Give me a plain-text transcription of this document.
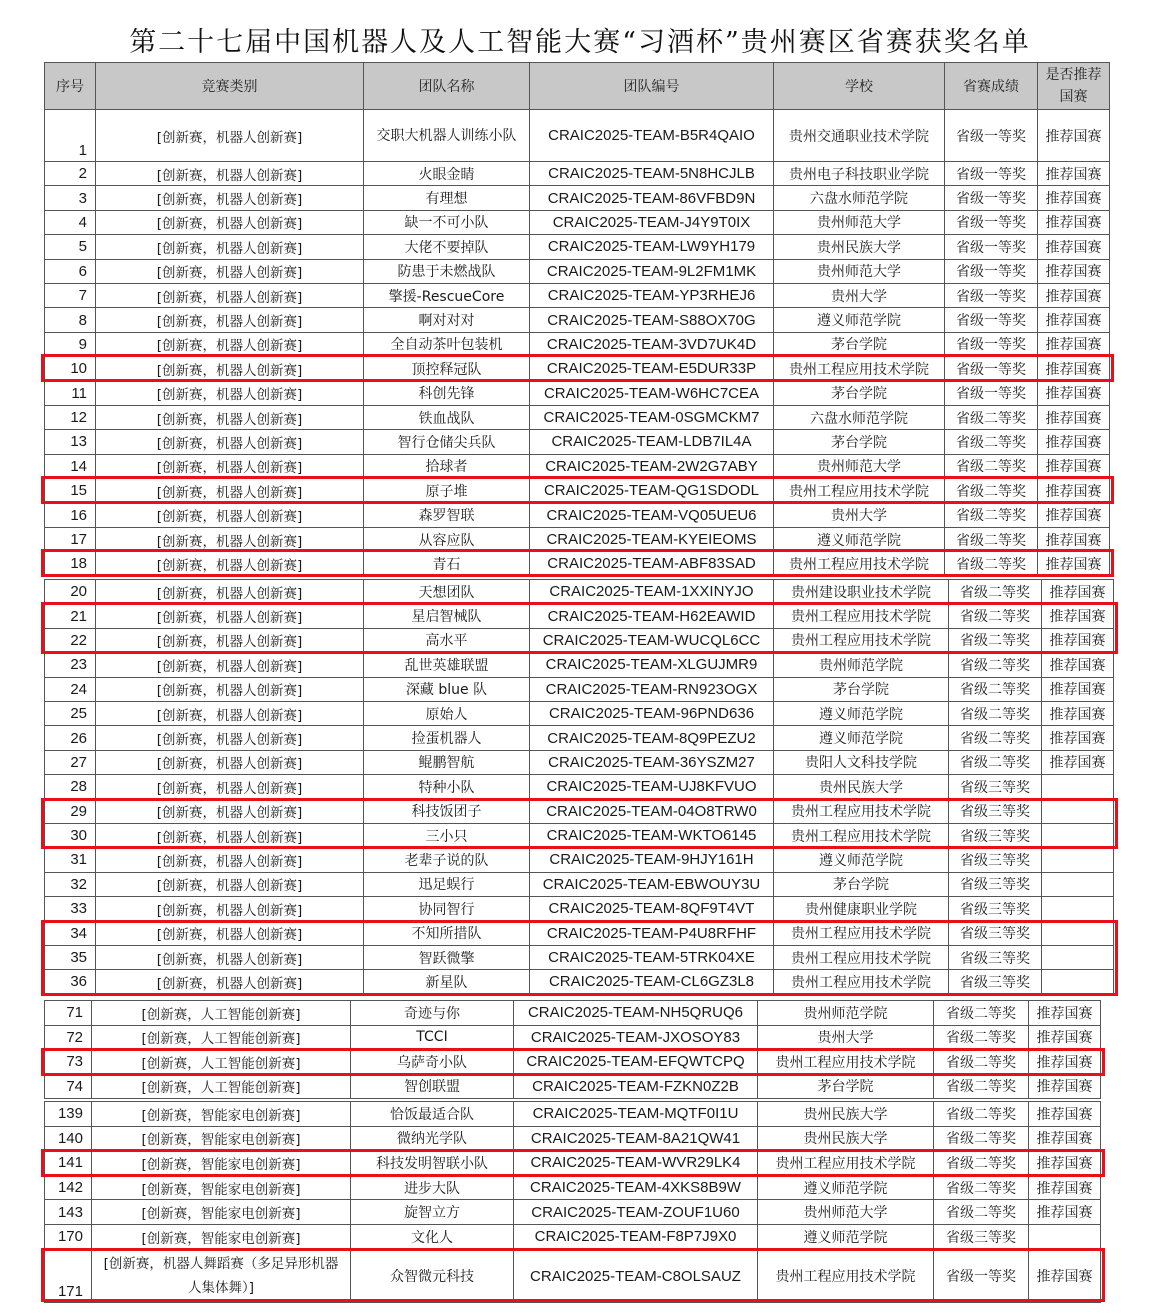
第二十七届中国机器人及人工智能大赛“习酒杯”贵州赛区省赛获奖名单
序号	竞赛类别	团队名称	团队编号	学校	省赛成绩	是否推荐国赛
1	[创新赛，机器人创新赛]	交职大机器人训练小队	CRAIC2025-TEAM-B5R4QAIO	贵州交通职业技术学院	省级一等奖	推荐国赛
2	[创新赛，机器人创新赛]	火眼金睛	CRAIC2025-TEAM-5N8HCJLB	贵州电子科技职业学院	省级一等奖	推荐国赛
3	[创新赛，机器人创新赛]	有理想	CRAIC2025-TEAM-86VFBD9N	六盘水师范学院	省级一等奖	推荐国赛
4	[创新赛，机器人创新赛]	缺一不可小队	CRAIC2025-TEAM-J4Y9T0IX	贵州师范大学	省级一等奖	推荐国赛
5	[创新赛，机器人创新赛]	大佬不要掉队	CRAIC2025-TEAM-LW9YH179	贵州民族大学	省级一等奖	推荐国赛
6	[创新赛，机器人创新赛]	防患于未燃战队	CRAIC2025-TEAM-9L2FM1MK	贵州师范大学	省级一等奖	推荐国赛
7	[创新赛，机器人创新赛]	擎援-RescueCore	CRAIC2025-TEAM-YP3RHEJ6	贵州大学	省级一等奖	推荐国赛
8	[创新赛，机器人创新赛]	啊对对对	CRAIC2025-TEAM-S88OX70G	遵义师范学院	省级一等奖	推荐国赛
9	[创新赛，机器人创新赛]	全自动茶叶包装机	CRAIC2025-TEAM-3VD7UK4D	茅台学院	省级一等奖	推荐国赛
10	[创新赛，机器人创新赛]	顶控释冠队	CRAIC2025-TEAM-E5DUR33P	贵州工程应用技术学院	省级一等奖	推荐国赛
11	[创新赛，机器人创新赛]	科创先锋	CRAIC2025-TEAM-W6HC7CEA	茅台学院	省级一等奖	推荐国赛
12	[创新赛，机器人创新赛]	铁血战队	CRAIC2025-TEAM-0SGMCKM7	六盘水师范学院	省级二等奖	推荐国赛
13	[创新赛，机器人创新赛]	智行仓储尖兵队	CRAIC2025-TEAM-LDB7IL4A	茅台学院	省级二等奖	推荐国赛
14	[创新赛，机器人创新赛]	拾球者	CRAIC2025-TEAM-2W2G7ABY	贵州师范大学	省级二等奖	推荐国赛
15	[创新赛，机器人创新赛]	原子堆	CRAIC2025-TEAM-QG1SDODL	贵州工程应用技术学院	省级二等奖	推荐国赛
16	[创新赛，机器人创新赛]	森罗智联	CRAIC2025-TEAM-VQ05UEU6	贵州大学	省级二等奖	推荐国赛
17	[创新赛，机器人创新赛]	从容应队	CRAIC2025-TEAM-KYEIEOMS	遵义师范学院	省级二等奖	推荐国赛
18	[创新赛，机器人创新赛]	青石	CRAIC2025-TEAM-ABF83SAD	贵州工程应用技术学院	省级二等奖	推荐国赛
20	[创新赛，机器人创新赛]	天想团队	CRAIC2025-TEAM-1XXINYJO	贵州建设职业技术学院	省级二等奖	推荐国赛
21	[创新赛，机器人创新赛]	星启智械队	CRAIC2025-TEAM-H62EAWID	贵州工程应用技术学院	省级二等奖	推荐国赛
22	[创新赛，机器人创新赛]	高水平	CRAIC2025-TEAM-WUCQL6CC	贵州工程应用技术学院	省级二等奖	推荐国赛
23	[创新赛，机器人创新赛]	乱世英雄联盟	CRAIC2025-TEAM-XLGUJMR9	贵州师范学院	省级二等奖	推荐国赛
24	[创新赛，机器人创新赛]	深藏 blue 队	CRAIC2025-TEAM-RN923OGX	茅台学院	省级二等奖	推荐国赛
25	[创新赛，机器人创新赛]	原始人	CRAIC2025-TEAM-96PND636	遵义师范学院	省级二等奖	推荐国赛
26	[创新赛，机器人创新赛]	捡蛋机器人	CRAIC2025-TEAM-8Q9PEZU2	遵义师范学院	省级二等奖	推荐国赛
27	[创新赛，机器人创新赛]	鲲鹏智航	CRAIC2025-TEAM-36YSZM27	贵阳人文科技学院	省级二等奖	推荐国赛
28	[创新赛，机器人创新赛]	特种小队	CRAIC2025-TEAM-UJ8KFVUO	贵州民族大学	省级三等奖	
29	[创新赛，机器人创新赛]	科技饭团子	CRAIC2025-TEAM-04O8TRW0	贵州工程应用技术学院	省级三等奖	
30	[创新赛，机器人创新赛]	三小只	CRAIC2025-TEAM-WKTO6145	贵州工程应用技术学院	省级三等奖	
31	[创新赛，机器人创新赛]	老辈子说的队	CRAIC2025-TEAM-9HJY161H	遵义师范学院	省级三等奖	
32	[创新赛，机器人创新赛]	迅足蜈行	CRAIC2025-TEAM-EBWOUY3U	茅台学院	省级三等奖	
33	[创新赛，机器人创新赛]	协同智行	CRAIC2025-TEAM-8QF9T4VT	贵州健康职业学院	省级三等奖	
34	[创新赛，机器人创新赛]	不知所措队	CRAIC2025-TEAM-P4U8RFHF	贵州工程应用技术学院	省级三等奖	
35	[创新赛，机器人创新赛]	智跃微擎	CRAIC2025-TEAM-5TRK04XE	贵州工程应用技术学院	省级三等奖	
36	[创新赛，机器人创新赛]	新星队	CRAIC2025-TEAM-CL6GZ3L8	贵州工程应用技术学院	省级三等奖	
71	[创新赛，人工智能创新赛]	奇迹与你	CRAIC2025-TEAM-NH5QRUQ6	贵州师范学院	省级二等奖	推荐国赛
72	[创新赛，人工智能创新赛]	TCCI	CRAIC2025-TEAM-JXOSOY83	贵州大学	省级二等奖	推荐国赛
73	[创新赛，人工智能创新赛]	乌萨奇小队	CRAIC2025-TEAM-EFQWTCPQ	贵州工程应用技术学院	省级二等奖	推荐国赛
74	[创新赛，人工智能创新赛]	智创联盟	CRAIC2025-TEAM-FZKN0Z2B	茅台学院	省级二等奖	推荐国赛
139	[创新赛，智能家电创新赛]	恰饭最适合队	CRAIC2025-TEAM-MQTF0I1U	贵州民族大学	省级二等奖	推荐国赛
140	[创新赛，智能家电创新赛]	微纳光学队	CRAIC2025-TEAM-8A21QW41	贵州民族大学	省级二等奖	推荐国赛
141	[创新赛，智能家电创新赛]	科技发明智联小队	CRAIC2025-TEAM-WVR29LK4	贵州工程应用技术学院	省级二等奖	推荐国赛
142	[创新赛，智能家电创新赛]	进步大队	CRAIC2025-TEAM-4XKS8B9W	遵义师范学院	省级二等奖	推荐国赛
143	[创新赛，智能家电创新赛]	旋智立方	CRAIC2025-TEAM-ZOUF1U60	贵州师范大学	省级二等奖	推荐国赛
170	[创新赛，智能家电创新赛]	文化人	CRAIC2025-TEAM-F8P7J9X0	遵义师范学院	省级三等奖	
171	[创新赛，机器人舞蹈赛（多足异形机器人集体舞）]	众智微元科技	CRAIC2025-TEAM-C8OLSAUZ	贵州工程应用技术学院	省级一等奖	推荐国赛
